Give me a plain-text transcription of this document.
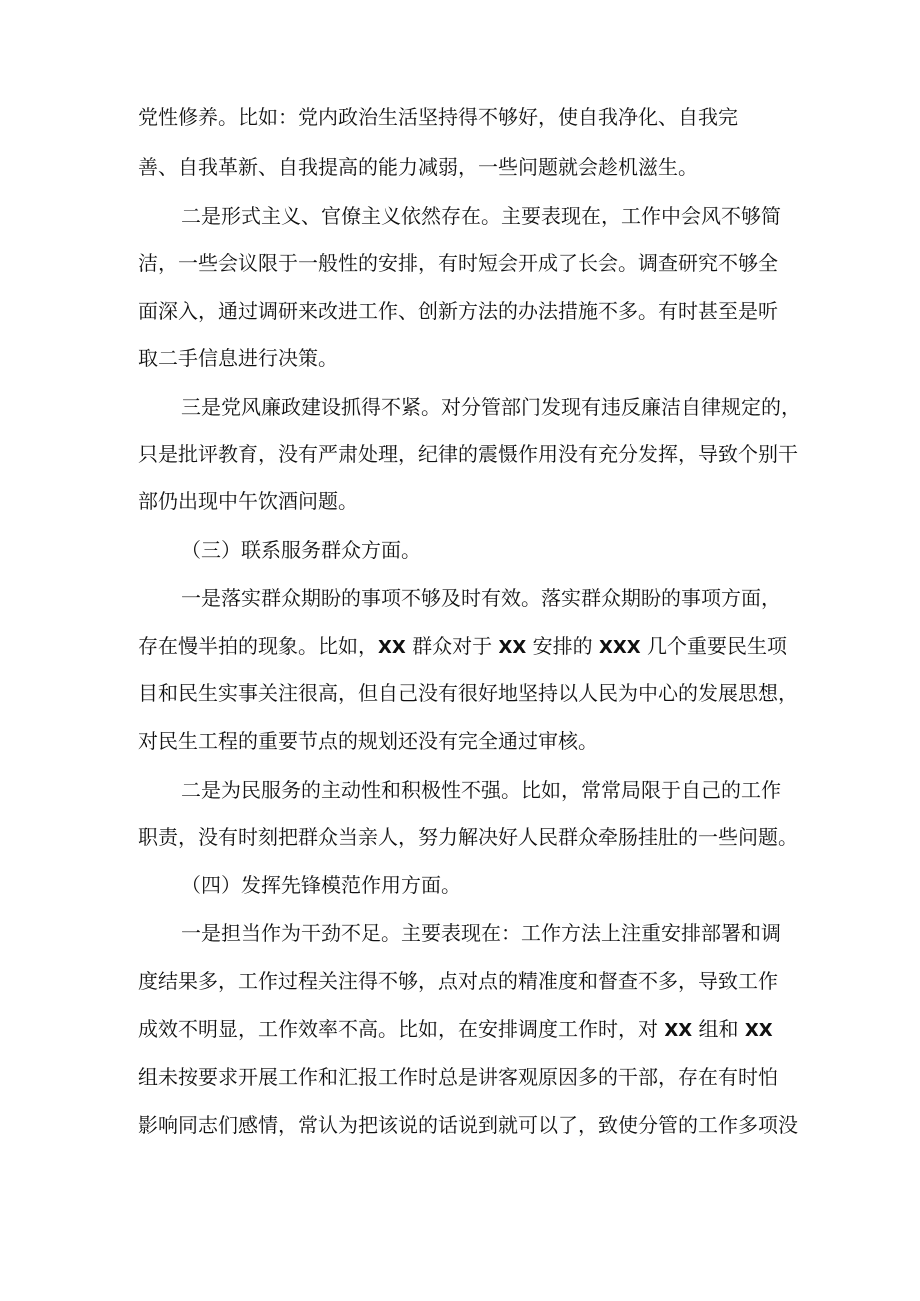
党性修养。比如：党内政治生活坚持得不够好，使自我净化、自我完
善、自我革新、自我提高的能力减弱，一些问题就会趁机滋生。
二是形式主义、官僚主义依然存在。主要表现在，工作中会风不够简
洁，一些会议限于一般性的安排，有时短会开成了长会。调查研究不够全
面深入，通过调研来改进工作、创新方法的办法措施不多。有时甚至是听
取二手信息进行决策。
三是党风廉政建设抓得不紧。对分管部门发现有违反廉洁自律规定的，
只是批评教育，没有严肃处理，纪律的震慑作用没有充分发挥，导致个别干
部仍出现中午饮酒问题。
（三）联系服务群众方面。
一是落实群众期盼的事项不够及时有效。落实群众期盼的事项方面，
存在慢半拍的现象。比如，XX 群众对于 XX 安排的 XXX 几个重要民生项
目和民生实事关注很高，但自己没有很好地坚持以人民为中心的发展思想，
对民生工程的重要节点的规划还没有完全通过审核。
二是为民服务的主动性和积极性不强。比如，常常局限于自己的工作
职责，没有时刻把群众当亲人，努力解决好人民群众牵肠挂肚的一些问题。
（四）发挥先锋模范作用方面。
一是担当作为干劲不足。主要表现在：工作方法上注重安排部署和调
度结果多，工作过程关注得不够，点对点的精准度和督查不多，导致工作
成效不明显，工作效率不高。比如，在安排调度工作时，对 XX 组和 XX
组未按要求开展工作和汇报工作时总是讲客观原因多的干部，存在有时怕
影响同志们感情，常认为把该说的话说到就可以了，致使分管的工作多项没
